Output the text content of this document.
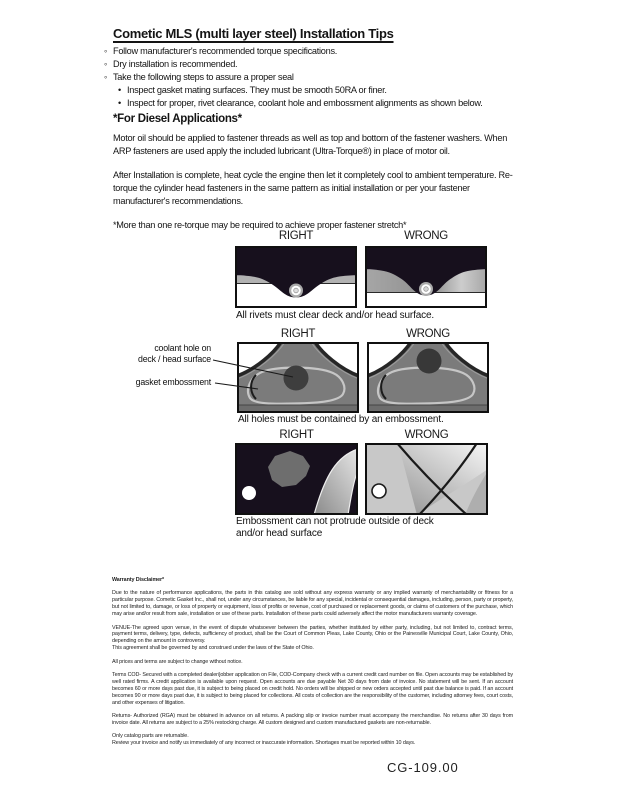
Cometic MLS (multi layer steel) Installation Tips
◦ Follow manufacturer's recommended torque specifications.
◦ Dry installation is recommended.
◦ Take the following steps to assure a proper seal
• Inspect gasket mating surfaces. They must be smooth 50RA or finer.
• Inspect for proper, rivet clearance, coolant hole and embossment alignments as shown below.
*For Diesel Applications*

Motor oil should be applied to fastener threads as well as top and bottom of the fastener washers. When ARP fasteners are used apply the included lubricant (Ultra-Torque®) in place of motor oil.

After Installation is complete, heat cycle the engine then let it completely cool to ambient temperature. Re-torque the cylinder head fasteners in the same pattern as initial installation or per your fastener manufacturer's recommendations.

*More than one re-torque may be required to achieve proper fastener stretch*

RIGHT	WRONG
All rivets must clear deck and/or head surface.
RIGHT	WRONG
coolant hole on
deck / head surface
gasket embossment
All holes must be contained by an embossment.
RIGHT	WRONG
Embossment can not protrude outside of deck
and/or head surface

Warranty Disclaimer*

Due to the nature of performance applications, the parts in this catalog are sold without any express warranty or any implied warranty of merchantability or fitness for a particular purpose. Cometic Gasket Inc., shall not, under any circumstances, be liable for any special, incidental or consequential damages, including, person, party or property, but not limited to, damage, or loss of property or equipment, loss of profits or revenue, cost of purchased or replacement goods, or claims of customers of the purchase, which may arise and/or result from sale, installation or use of these parts. Installation of these parts could adversely affect the motor manufacturers warranty coverage.

VENUE-The agreed upon venue, in the event of dispute whatsoever between the parties, whether instituted by either party, including, but not limited to, contract terms, payment terms, delivery, type, defects, sufficiency of product, shall be the Court of Common Pleas, Lake County, Ohio or the Painesville Municipal Court, Lake County, Ohio, depending on the amount in controversy.

This agreement shall be governed by and construed under the laws of the State of Ohio.

All prices and terms are subject to change without notice.

Terms COD- Secured with a completed dealer/jobber application on File, COD-Company check with a current credit card number on file. Open accounts may be established by well rated firms. A credit application is available upon request. Open accounts are due payable Net 30 days from date of invoice. No statement will be sent. If an account becomes 60 or more days past due, it is subject to being placed on credit hold. No orders will be shipped or new orders accepted until past due balance is paid. If an account becomes 90 or more days past due, it is subject to being placed for collections. All costs of collection are the responsibility of the customer, including attorney fees, court costs, and other expenses of litigation.

Returns- Authorized (RGA) must be obtained in advance on all returns. A packing slip or invoice number must accompany the merchandise. No returns after 30 days from invoice date. All returns are subject to a 25% restocking charge. All custom designed and custom manufactured gaskets are non-returnable.

Only catalog parts are returnable.

Review your invoice and notify us immediately of any incorrect or inaccurate information. Shortages must be reported within 10 days.

CG-109.00
